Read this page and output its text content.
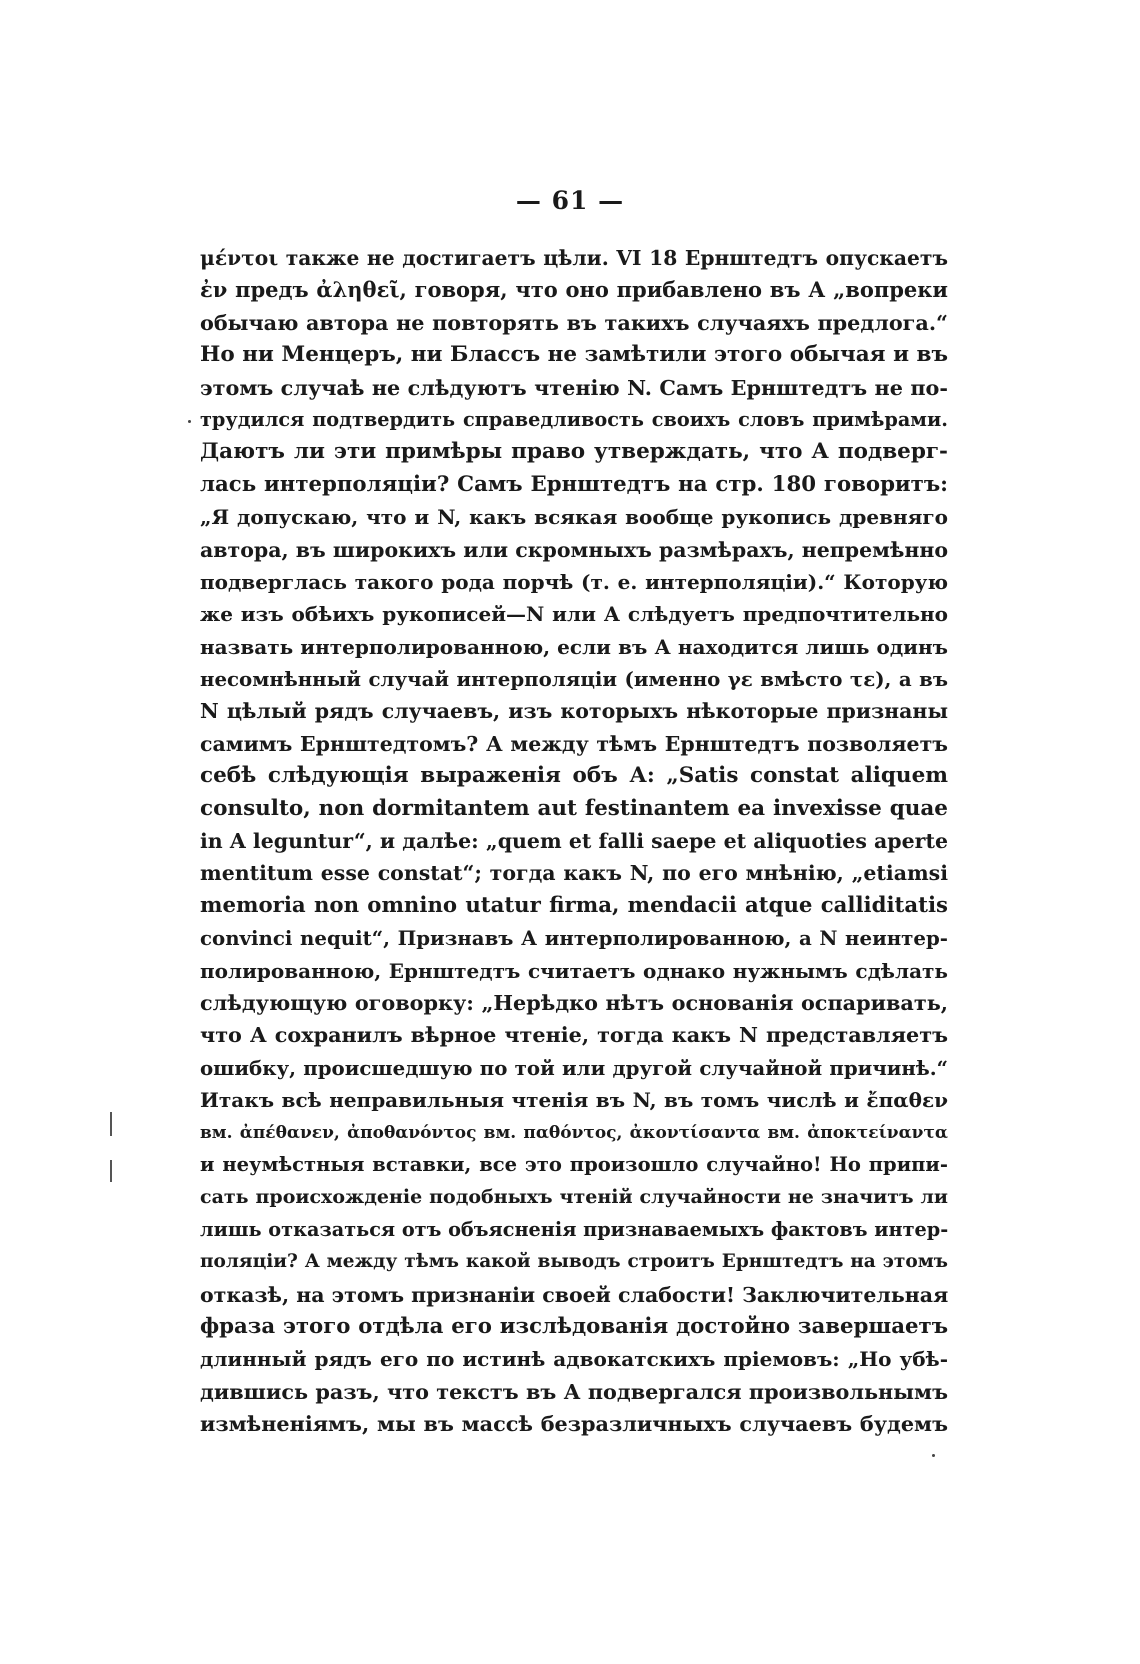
— 61 —
μέντοι также не достигаетъ цѣли. VI 18 Ернштедтъ опускаетъ
ἐν предъ ἀληθεῖ, говоря, что оно прибавлено въ А „вопреки
обычаю автора не повторять въ такихъ случаяхъ предлога.“
Но ни Менцеръ, ни Блассъ не замѣтили этого обычая и въ
этомъ случаѣ не слѣдуютъ чтенію N. Самъ Ернштедтъ не по-
трудился подтвердить справедливость своихъ словъ примѣрами.
Даютъ ли эти примѣры право утверждать, что А подверг-
лась интерполяціи? Самъ Ернштедтъ на стр. 180 говоритъ:
„Я допускаю, что и N, какъ всякая вообще рукопись древняго
автора, въ широкихъ или скромныхъ размѣрахъ, непремѣнно
подверглась такого рода порчѣ (т. е. интерполяціи).“ Которую
же изъ обѣихъ рукописей—N или А слѣдуетъ предпочтительно
назвать интерполированною, если въ А находится лишь одинъ
несомнѣнный случай интерполяціи (именно γε вмѣсто τε), а въ
N цѣлый рядъ случаевъ, изъ которыхъ нѣкоторые признаны
самимъ Ернштедтомъ? А между тѣмъ Ернштедтъ позволяетъ
себѣ слѣдующія выраженія объ А: „Satis constat aliquem
consulto, non dormitantem aut festinantem ea invexisse quae
in A leguntur“, и далѣе: „quem et falli saepe et aliquoties aperte
mentitum esse constat“; тогда какъ N, по его мнѣнію, „etiamsi
memoria non omnino utatur firma, mendacii atque calliditatis
convinci nequit“, Признавъ А интерполированною, а N неинтер-
полированною, Ернштедтъ считаетъ однако нужнымъ сдѣлать
слѣдующую оговорку: „Нерѣдко нѣтъ основанія оспаривать,
что А сохранилъ вѣрное чтеніе, тогда какъ N представляетъ
ошибку, происшедшую по той или другой случайной причинѣ.“
Итакъ всѣ неправильныя чтенія въ N, въ томъ числѣ и ἔπαθεν
вм. ἀπέθανεν, ἀποθανόντος вм. παθόντος, ἀκοντίσαντα вм. ἀποκτείναντα
и неумѣстныя вставки, все это произошло случайно! Но припи-
сать происхожденіе подобныхъ чтеній случайности не значитъ ли
лишь отказаться отъ объясненія признаваемыхъ фактовъ интер-
поляціи? А между тѣмъ какой выводъ строитъ Ернштедтъ на этомъ
отказѣ, на этомъ признаніи своей слабости! Заключительная
фраза этого отдѣла его изслѣдованія достойно завершаетъ
длинный рядъ его по истинѣ адвокатскихъ пріемовъ: „Но убѣ-
дившись разъ, что текстъ въ А подвергался произвольнымъ
измѣненіямъ, мы въ массѣ безразличныхъ случаевъ будемъ
